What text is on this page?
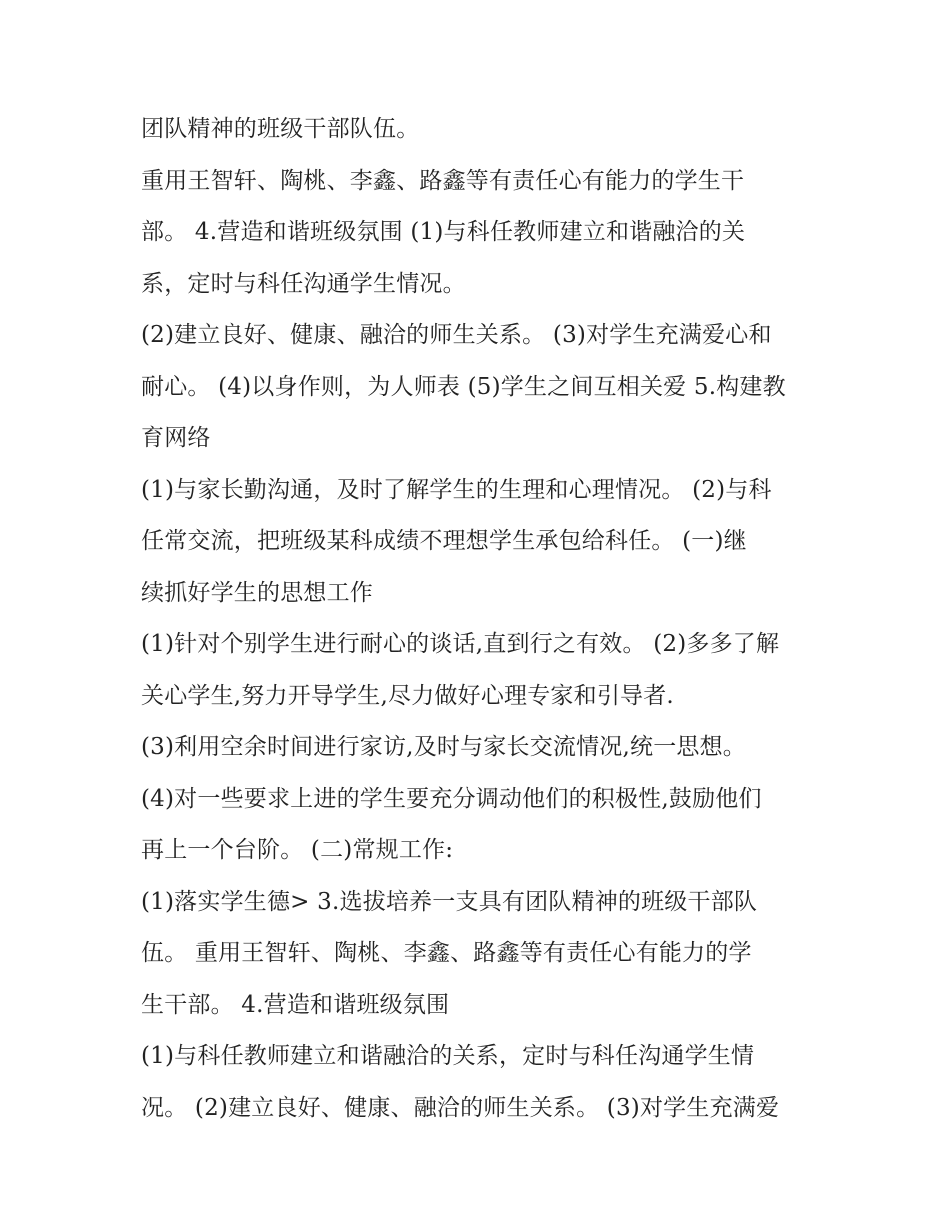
团队精神的班级干部队伍。
重用王智轩、陶桃、李鑫、路鑫等有责任心有能力的学生干
部。 4.营造和谐班级氛围 (1)与科任教师建立和谐融洽的关
系，定时与科任沟通学生情况。
(2)建立良好、健康、融洽的师生关系。 (3)对学生充满爱心和
耐心。 (4)以身作则，为人师表 (5)学生之间互相关爱 5.构建教
育网络
(1)与家长勤沟通，及时了解学生的生理和心理情况。 (2)与科
任常交流，把班级某科成绩不理想学生承包给科任。 (一)继
续抓好学生的思想工作
(1)针对个别学生进行耐心的谈话,直到行之有效。 (2)多多了解
关心学生,努力开导学生,尽力做好心理专家和引导者.
(3)利用空余时间进行家访,及时与家长交流情况,统一思想。
(4)对一些要求上进的学生要充分调动他们的积极性,鼓励他们
再上一个台阶。 (二)常规工作:
(1)落实学生德> 3.选拔培养一支具有团队精神的班级干部队
伍。 重用王智轩、陶桃、李鑫、路鑫等有责任心有能力的学
生干部。 4.营造和谐班级氛围
(1)与科任教师建立和谐融洽的关系，定时与科任沟通学生情
况。 (2)建立良好、健康、融洽的师生关系。 (3)对学生充满爱
